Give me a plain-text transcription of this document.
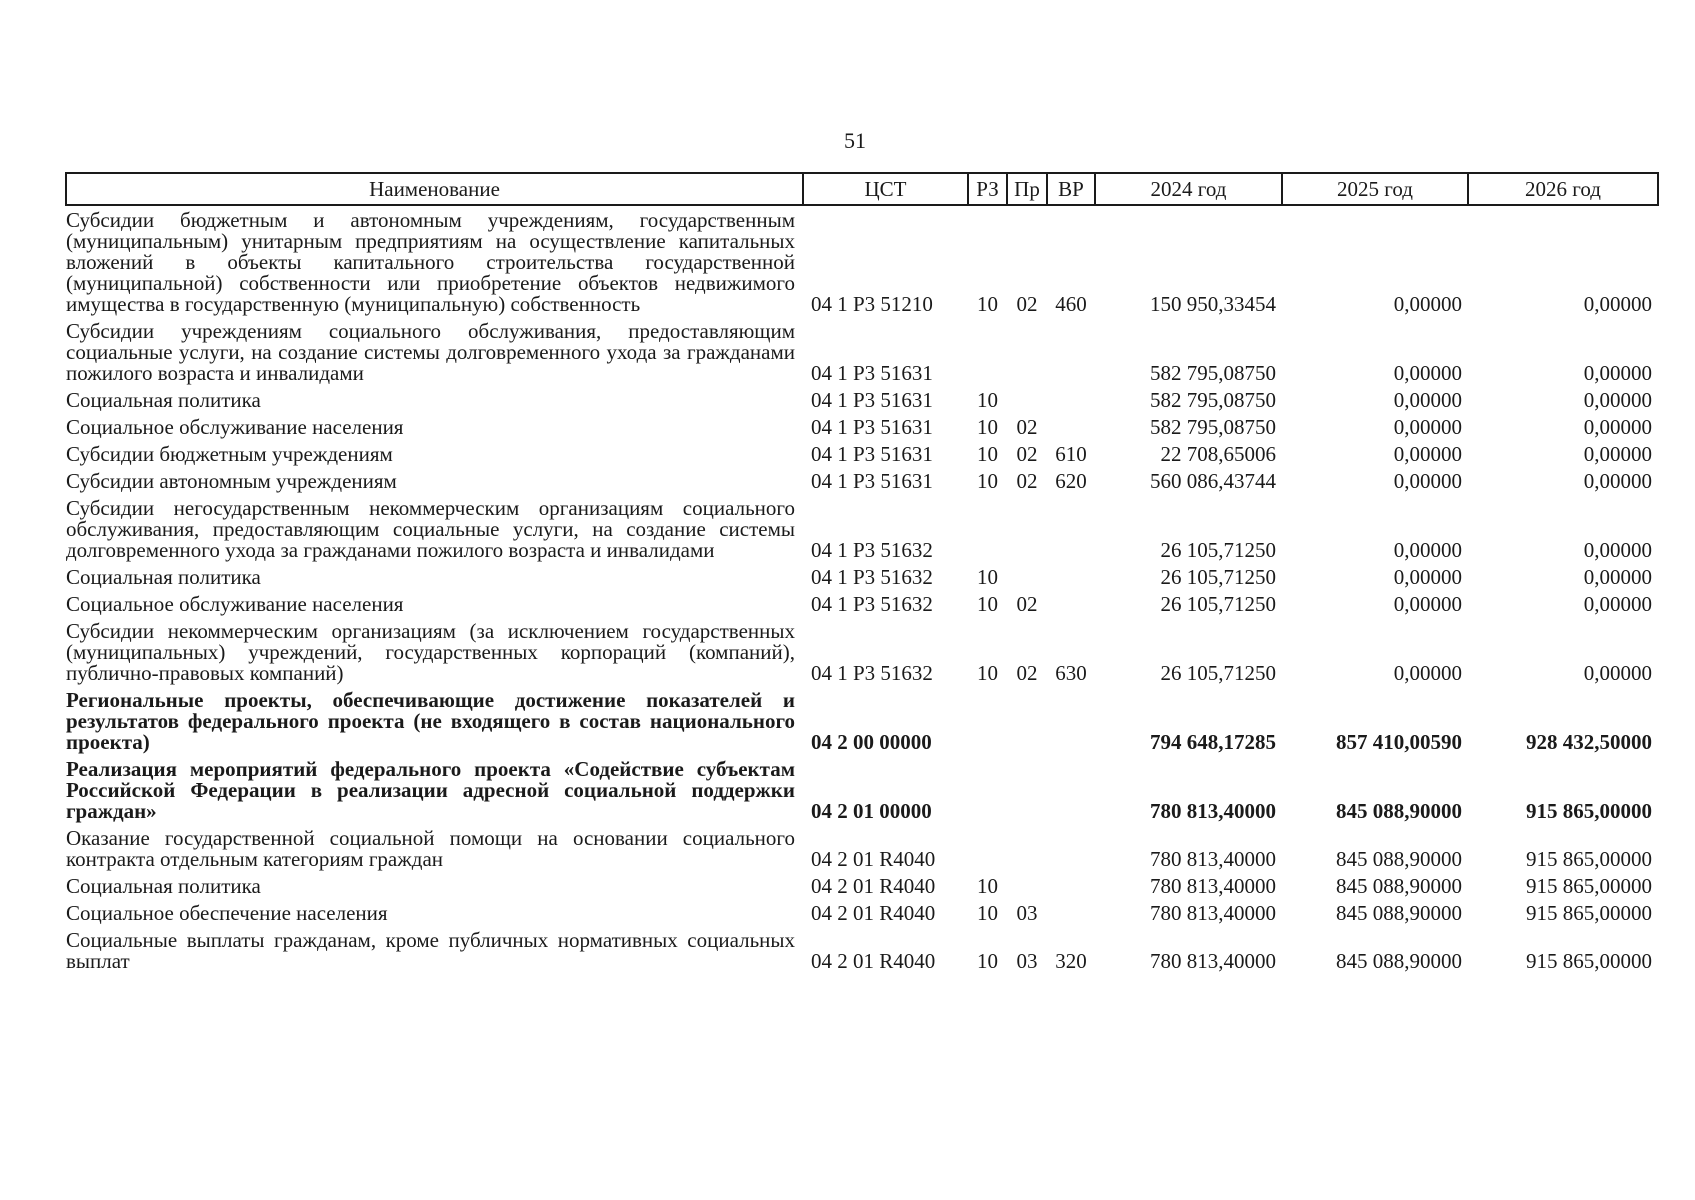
51
Наименование	ЦСТ	РЗ	Пр	ВР	2024 год	2025 год	2026 год
Субсидии бюджетным и автономным учреждениям, государственным (муниципальным) унитарным предприятиям на осуществление капитальных вложений в объекты капитального строительства государственной (муниципальной) собственности или приобретение объектов недвижимого имущества в государственную (муниципальную) собственность	04 1 Р3 51210	10	02	460	150 950,33454	0,00000	0,00000
Субсидии учреждениям социального обслуживания, предоставляющим социальные услуги, на создание системы долговременного ухода за гражданами пожилого возраста и инвалидами	04 1 Р3 51631				582 795,08750	0,00000	0,00000
Социальная политика	04 1 Р3 51631	10			582 795,08750	0,00000	0,00000
Социальное обслуживание населения	04 1 Р3 51631	10	02		582 795,08750	0,00000	0,00000
Субсидии бюджетным учреждениям	04 1 Р3 51631	10	02	610	22 708,65006	0,00000	0,00000
Субсидии автономным учреждениям	04 1 Р3 51631	10	02	620	560 086,43744	0,00000	0,00000
Субсидии негосударственным некоммерческим организациям социального обслуживания, предоставляющим социальные услуги, на создание системы долговременного ухода за гражданами пожилого возраста и инвалидами	04 1 Р3 51632				26 105,71250	0,00000	0,00000
Социальная политика	04 1 Р3 51632	10			26 105,71250	0,00000	0,00000
Социальное обслуживание населения	04 1 Р3 51632	10	02		26 105,71250	0,00000	0,00000
Субсидии некоммерческим организациям (за исключением государственных (муниципальных) учреждений, государственных корпораций (компаний), публично-правовых компаний)	04 1 Р3 51632	10	02	630	26 105,71250	0,00000	0,00000
Региональные проекты, обеспечивающие достижение показателей и результатов федерального проекта (не входящего в состав национального проекта)	04 2 00 00000				794 648,17285	857 410,00590	928 432,50000
Реализация мероприятий федерального проекта «Содействие субъектам Российской Федерации в реализации адресной социальной поддержки граждан»	04 2 01 00000				780 813,40000	845 088,90000	915 865,00000
Оказание государственной социальной помощи на основании социального контракта отдельным категориям граждан	04 2 01 R4040				780 813,40000	845 088,90000	915 865,00000
Социальная политика	04 2 01 R4040	10			780 813,40000	845 088,90000	915 865,00000
Социальное обеспечение населения	04 2 01 R4040	10	03		780 813,40000	845 088,90000	915 865,00000
Социальные выплаты гражданам, кроме публичных нормативных социальных выплат	04 2 01 R4040	10	03	320	780 813,40000	845 088,90000	915 865,00000
